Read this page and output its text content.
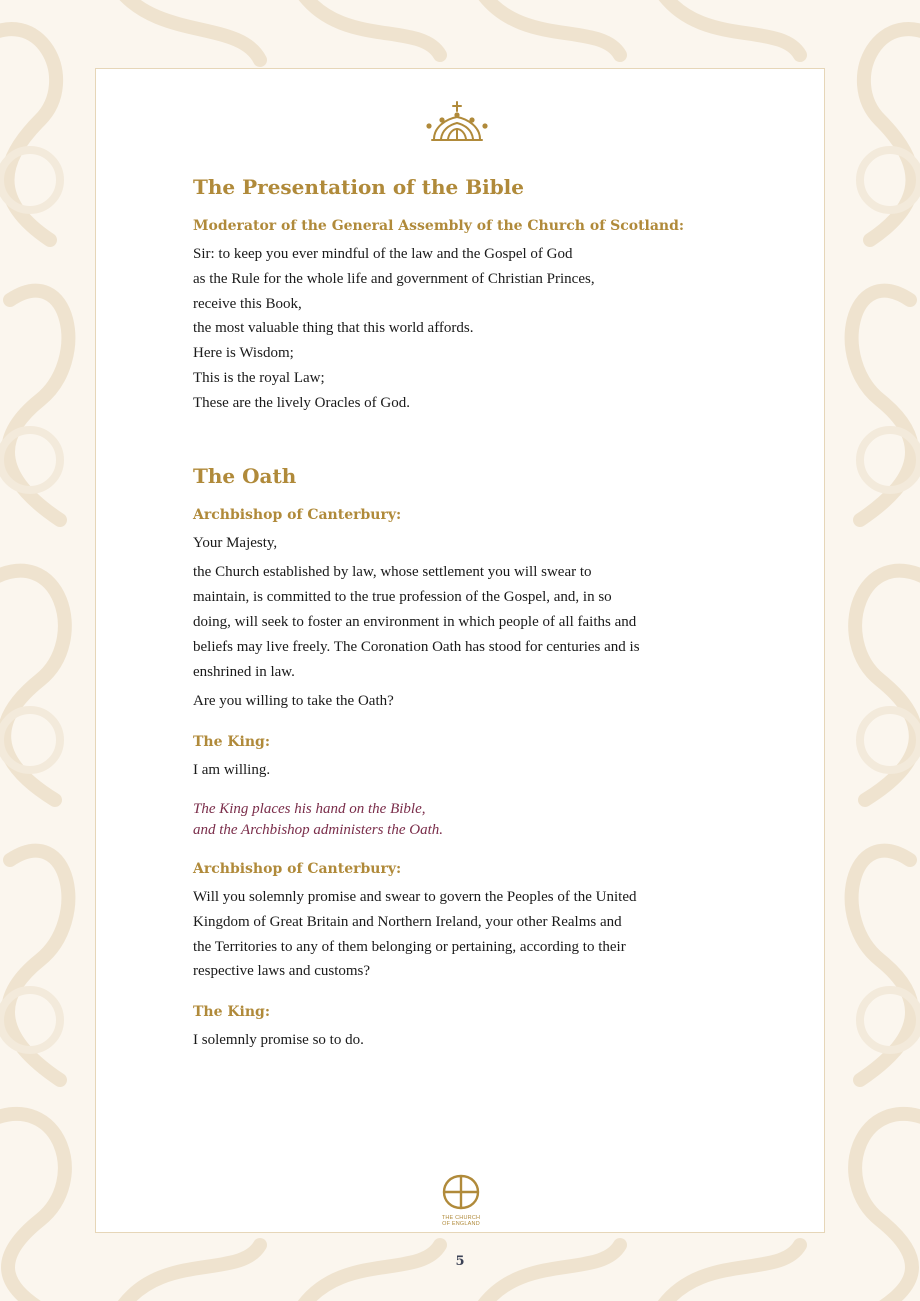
The Presentation of the Bible

Moderator of the General Assembly of the Church of Scotland:

Sir: to keep you ever mindful of the law and the Gospel of God

as the Rule for the whole life and government of Christian Princes,

receive this Book,

the most valuable thing that this world affords.

Here is Wisdom;

This is the royal Law;

These are the lively Oracles of God.

The Oath

Archbishop of Canterbury:

Your Majesty,

the Church established by law, whose settlement you will swear to

maintain, is committed to the true profession of the Gospel, and, in so

doing, will seek to foster an environment in which people of all faiths and

beliefs may live freely. The Coronation Oath has stood for centuries and is

enshrined in law.

Are you willing to take the Oath?

The King:

I am willing.

The King places his hand on the Bible,

and the Archbishop administers the Oath.

Archbishop of Canterbury:

Will you solemnly promise and swear to govern the Peoples of the United

Kingdom of Great Britain and Northern Ireland, your other Realms and

the Territories to any of them belonging or pertaining, according to their

respective laws and customs?

The King:

I solemnly promise so to do.

THE CHURCH
OF ENGLAND
5
